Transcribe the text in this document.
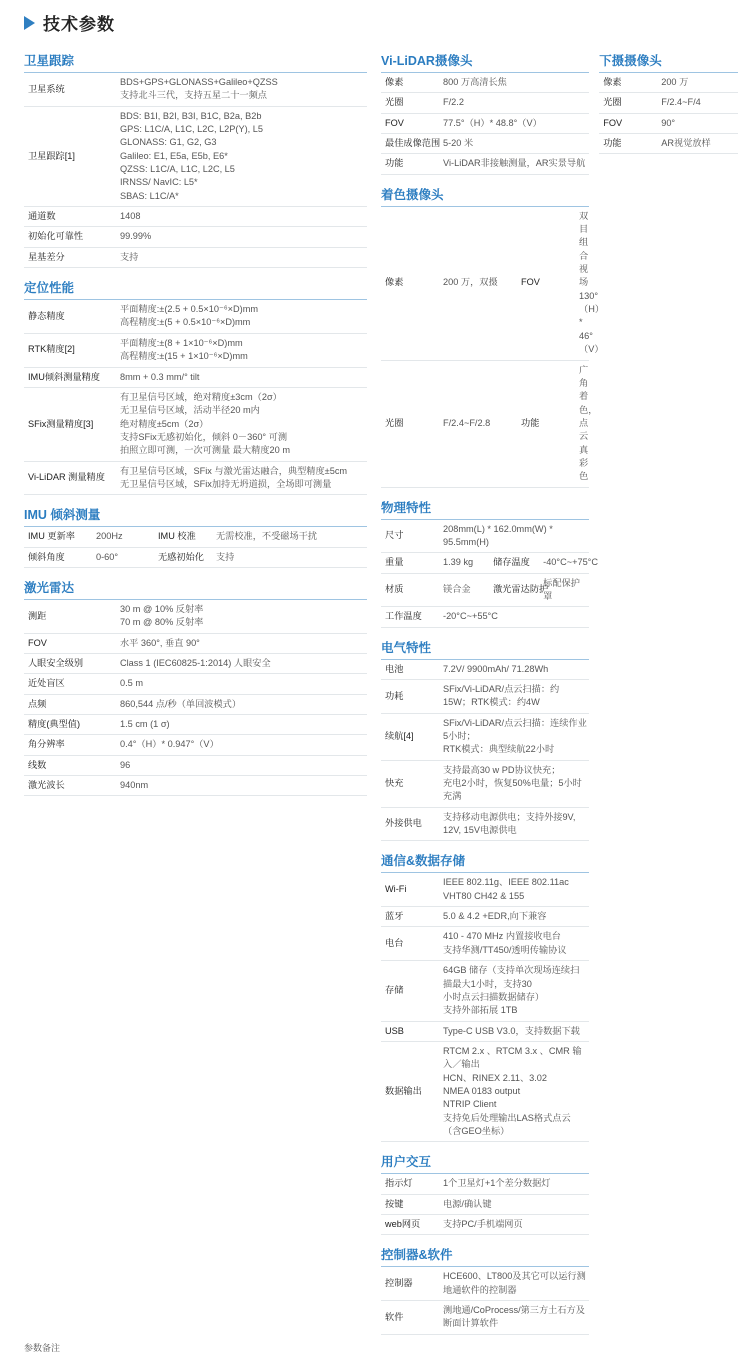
技术参数
卫星跟踪
卫星系统	BDS+GPS+GLONASS+Galileo+QZSS
支持北斗三代，支持五星二十一频点

卫星跟踪[1]	
BDS: B1I, B2I, B3I, B1C, B2a, B2b
GPS: L1C/A, L1C, L2C, L2P(Y), L5
GLONASS: G1, G2, G3
Galileo: E1, E5a, E5b, E6*
QZSS: L1C/A, L1C, L2C, L5
IRNSS/ NavIC: L5*
SBAS: L1C/A*

通道数	1408
初始化可靠性	99.99%
星基差分	支持
定位性能
静态精度	平面精度:±(2.5 + 0.5×10⁻⁶×D)mm
高程精度:±(5 + 0.5×10⁻⁶×D)mm

RTK精度[2]	平面精度:±(8 + 1×10⁻⁶×D)mm
高程精度:±(15 + 1×10⁻⁶×D)mm

IMU倾斜测量精度	8mm + 0.3 mm/° tilt
SFix测量精度[3]	有卫星信号区域，绝对精度±3cm（2σ）
无卫星信号区域，活动半径20 m内
绝对精度±5cm（2σ）
支持SFix无感初始化，倾斜 0－360° 可测
拍照立即可测，一次可测量 最大精度20 m

Vi-LiDAR 测量精度	有卫星信号区域，SFix 与激光雷达融合，典型精度±5cm
无卫星信号区域，SFix加持无坍道损，全场即可测量
IMU 倾斜测量
IMU 更新率	200Hz	IMU 校准	无需校准，不受磁场干扰
倾斜角度	0-60°	无感初始化	支持
激光雷达
测距	30 m @ 10% 反射率
70 m @ 80% 反射率

FOV	水平 360°, 垂直 90°
人眼安全级别	Class 1 (IEC60825-1:2014) 人眼安全
近处盲区	0.5 m
点频	860,544 点/秒（单回波模式）
精度(典型值)	1.5 cm (1 σ)
角分辨率	0.4°（H）* 0.947°（V）
线数	96
激光波长	940nm
Vi-LiDAR摄像头
像素	800 万高清长焦
光圈	F/2.2
FOV	77.5°（H）* 48.8°（V）
最佳成像范围	5-20 米
功能	Vi-LiDAR非接触测量，AR实景导航
着色摄像头
像素	200 万，双摄	FOV	双目组合视场130°（H）* 46°（V）
光圈	F/2.4~F/2.8	功能	广角着色，点云真彩色
物理特性
尺寸	208mm(L) * 162.0mm(W) * 95.5mm(H)		
重量	1.39 kg	储存温度	-40°C~+75°C
材质	镁合金	激光雷达防护	标配保护罩
工作温度	-20°C~+55°C		
电气特性
电池	7.2V/ 9900mAh/ 71.28Wh
功耗	SFix/Vi-LiDAR/点云扫描：约15W；RTK模式：约4W
续航[4]	SFix/Vi-LiDAR/点云扫描：连续作业5小时；
RTK模式：典型续航22小时

快充	支持最高30 w PD协议快充；
充电2小时，恢复50%电量；5小时充满

外接供电	支持移动电源供电；支持外接9V, 12V, 15V电源供电
通信&数据存储
Wi-Fi	IEEE 802.11g、IEEE 802.11ac VHT80 CH42 & 155
蓝牙	5.0 & 4.2 +EDR,向下兼容
电台	410 - 470 MHz 内置接收电台
支持华测/TT450/透明传输协议

存储	64GB 储存（支持单次现场连续扫描最大1小时，支持30
小时点云扫描数据储存）
支持外部拓展 1TB

USB	Type-C USB V3.0，支持数据下载
数据输出	RTCM 2.x 、RTCM 3.x 、CMR 输入／输出
HCN、RINEX 2.11、3.02
NMEA 0183 output
NTRIP Client
支持免后处理输出LAS格式点云（含GEO坐标）
用户交互
指示灯	1个卫星灯+1个差分数据灯
按键	电源/确认键
web网页	支持PC/手机端网页
控制器&软件
控制器	HCE600、LT800及其它可以运行测地通软件的控制器
软件	测地通/CoProcess/第三方土石方及断面计算软件
下摄摄像头
像素	200 万
光圈	F/2.4~F/4
FOV	90°
功能	AR视觉放样
参数备注
